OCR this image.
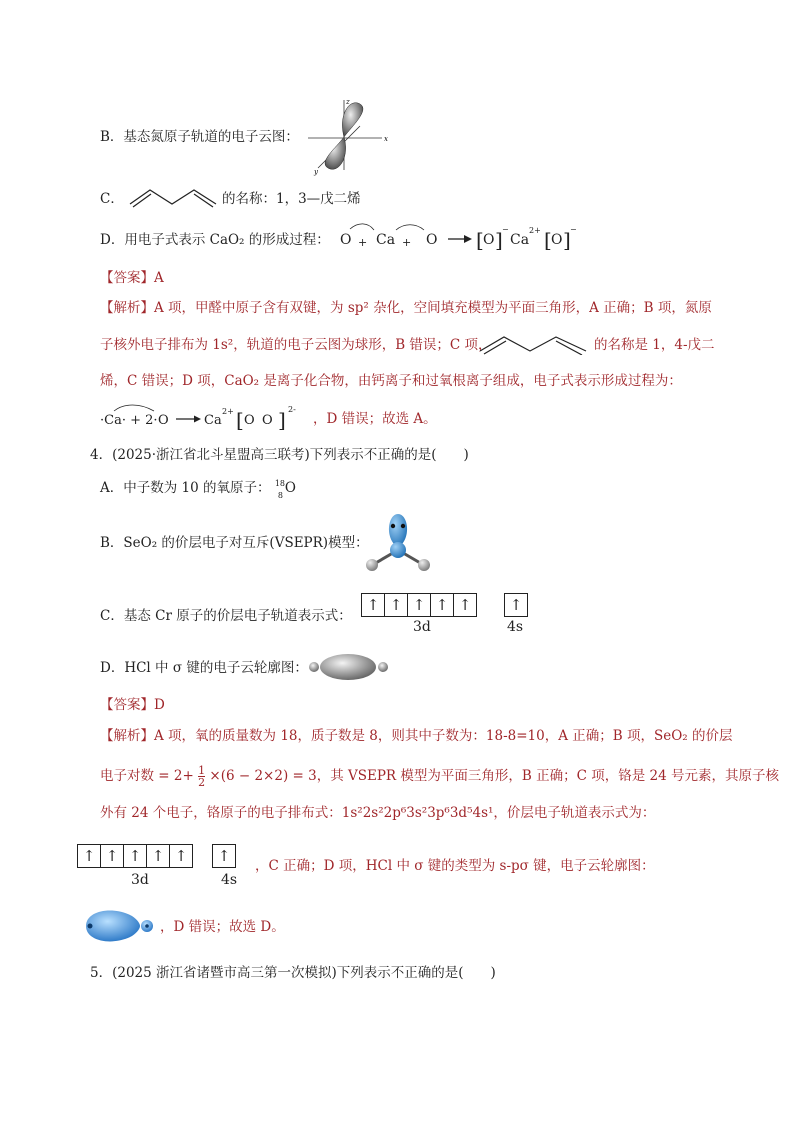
B．基态氮原子轨道的电子云图：
z
x
y
C．	的名称：1，3—戊二烯
D．用电子式表示 CaO₂ 的形成过程： O + Ca + O [ O ] −
Ca
2+ [ O ] −
【答案】A
【解析】A 项，甲醛中原子含有双键，为 sp² 杂化，空间填充模型为平面三角形，A 正确；B 项，氮原
子核外电子排布为 1s²，轨道的电子云图为球形，B 错误；C 项，	的名称是 1，4-戊二
烯，C 错误；D 项，CaO₂ 是离子化合物，由钙离子和过氧根离子组成，电子式表示形成过程为：
·Ca· + 2· O	Ca
2+ [ O O ] 2-
，D 错误；故选 A。
4．(2025·浙江省北斗星盟高三联考)下列表示不正确的是(　　)
A．中子数为 10 的氧原子： 18
8 O
B．SeO₂ 的价层电子对互斥(VSEPR)模型：
C．基态 Cr 原子的价层电子轨道表示式：
↑ ↑ ↑ ↑ ↑	↑
3d	4s
D．HCl 中 σ 键的电子云轮廓图：
【答案】D
【解析】A 项，氧的质量数为 18，质子数是 8，则其中子数为：18-8=10，A 正确；B 项，SeO₂ 的价层
电子对数 = $2+ \frac{1}{2} \times(6 - 2\times 2) = 3$，其 VSEPR 模型为平面三角形，B 正确；C 项，铬是 24 号元素，其原子核
外有 24 个电子，铬原子的电子排布式：1s²2s²2p⁶3s²3p⁶3d⁵4s¹，价层电子轨道表示式为：
↑ ↑ ↑ ↑ ↑ ↑
3d	4s
，C 正确；D 项，HCl 中 σ 键的类型为 s-pσ 键，电子云轮廓图：
，D 错误；故选 D。
5．(2025 浙江省诸暨市高三第一次模拟)下列表示不正确的是(　　)
